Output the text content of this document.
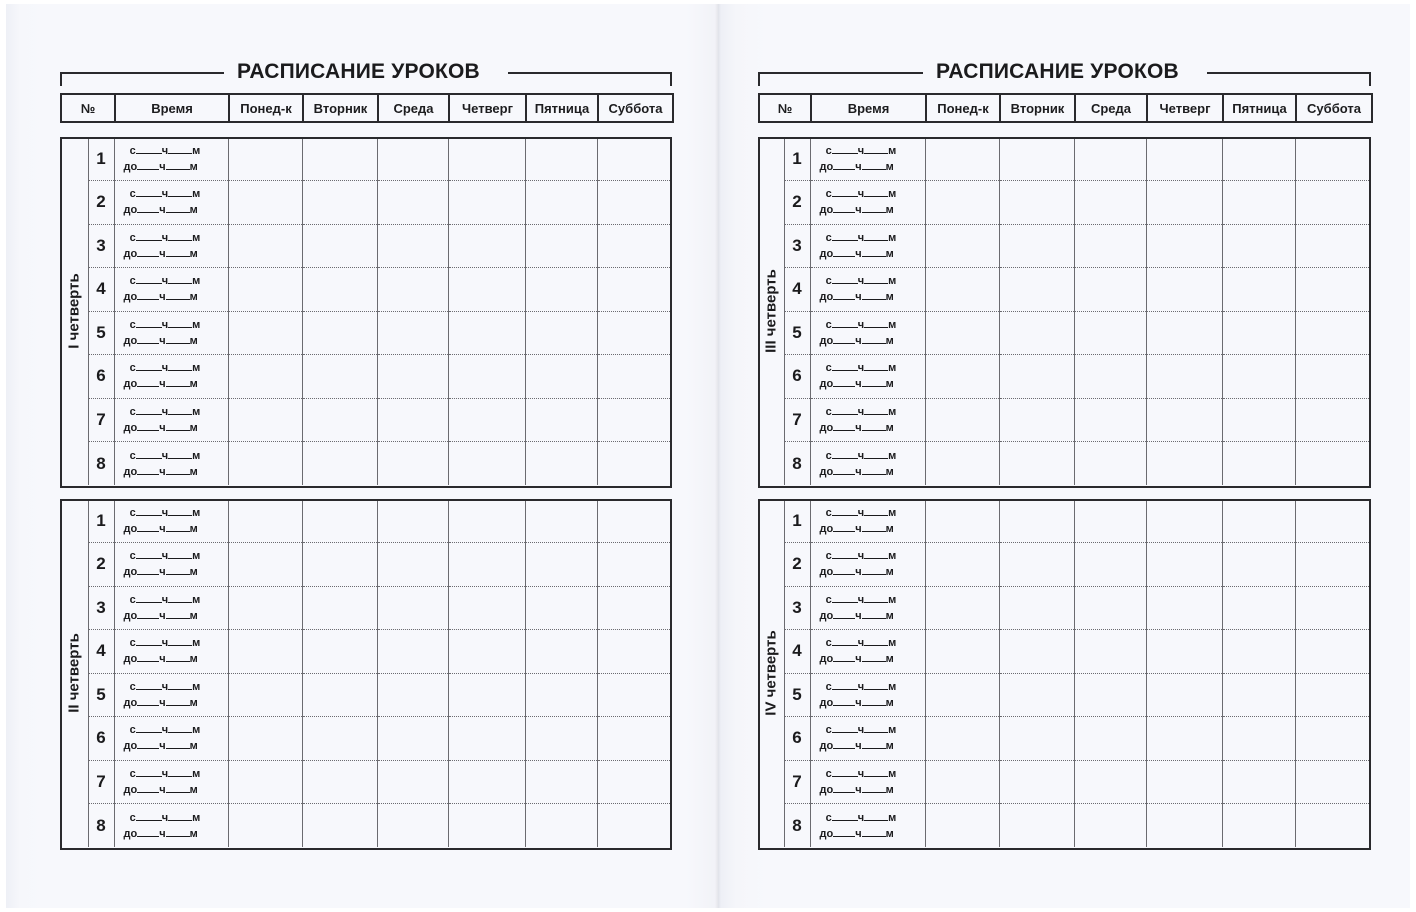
РАСПИСАНИЕ УРОКОВ
№	Время	Понед-к	Вторник	Среда	Четверг	Пятница	Суббота
I четверть	1	с ч м
до ч м						

	2	с ч м
до ч м						

	3	с ч м
до ч м						

	4	с ч м
до ч м						

	5	с ч м
до ч м						

	6	с ч м
до ч м						

	7	с ч м
до ч м						

	8	с ч м
до ч м						

II четверть	1	с ч м
до ч м						

	2	с ч м
до ч м						

	3	с ч м
до ч м						

	4	с ч м
до ч м						

	5	с ч м
до ч м						

	6	с ч м
до ч м						

	7	с ч м
до ч м						

	8	с ч м
до ч м						

РАСПИСАНИЕ УРОКОВ
№	Время	Понед-к	Вторник	Среда	Четверг	Пятница	Суббота
III четверть	1	с ч м
до ч м						

	2	с ч м
до ч м						

	3	с ч м
до ч м						

	4	с ч м
до ч м						

	5	с ч м
до ч м						

	6	с ч м
до ч м						

	7	с ч м
до ч м						

	8	с ч м
до ч м						

IV четверть	1	с ч м
до ч м						

	2	с ч м
до ч м						

	3	с ч м
до ч м						

	4	с ч м
до ч м						

	5	с ч м
до ч м						

	6	с ч м
до ч м						

	7	с ч м
до ч м						

	8	с ч м
до ч м						
